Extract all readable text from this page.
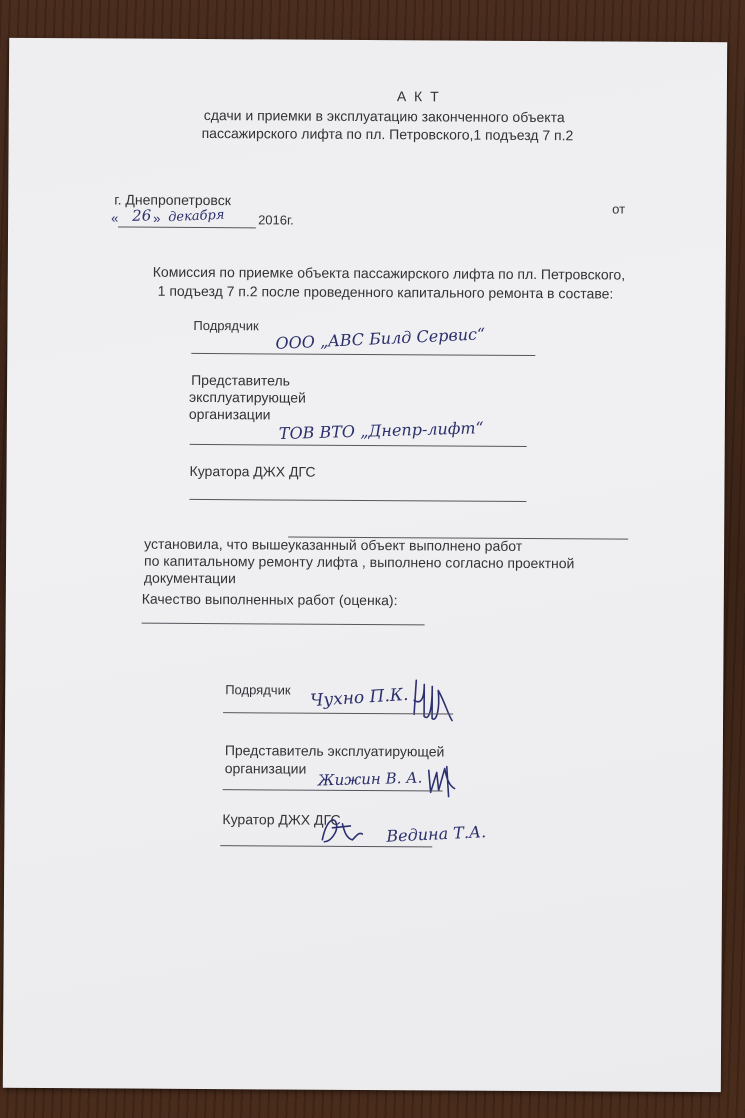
А К Т
сдачи и приемки в эксплуатацию законченного объекта
пассажирского лифта по пл. Петровского,1 подъезд 7 п.2
г. Днепропетровск
от
« 26 » декабря	2016г.
Комиссия по приемке объекта пассажирского лифта по пл. Петровского,
1 подъезд 7 п.2 после проведенного капитального ремонта в составе:
Подрядчик ООО „ABC Билд Сервис“
Представитель
эксплуатирующей
организации
ТОВ ВТО „Днепр-лифт“
Куратора ДЖХ ДГС
установила, что вышеуказанный объект выполнено работ
по капитальному ремонту лифта , выполнено согласно проектной
документации
Качество выполненных работ (оценка):
Подрядчик Чухно П.К.
Представитель эксплуатирующей
организации
Жижин В. А.
Куратор ДЖХ ДГС
Ведина Т.А.
